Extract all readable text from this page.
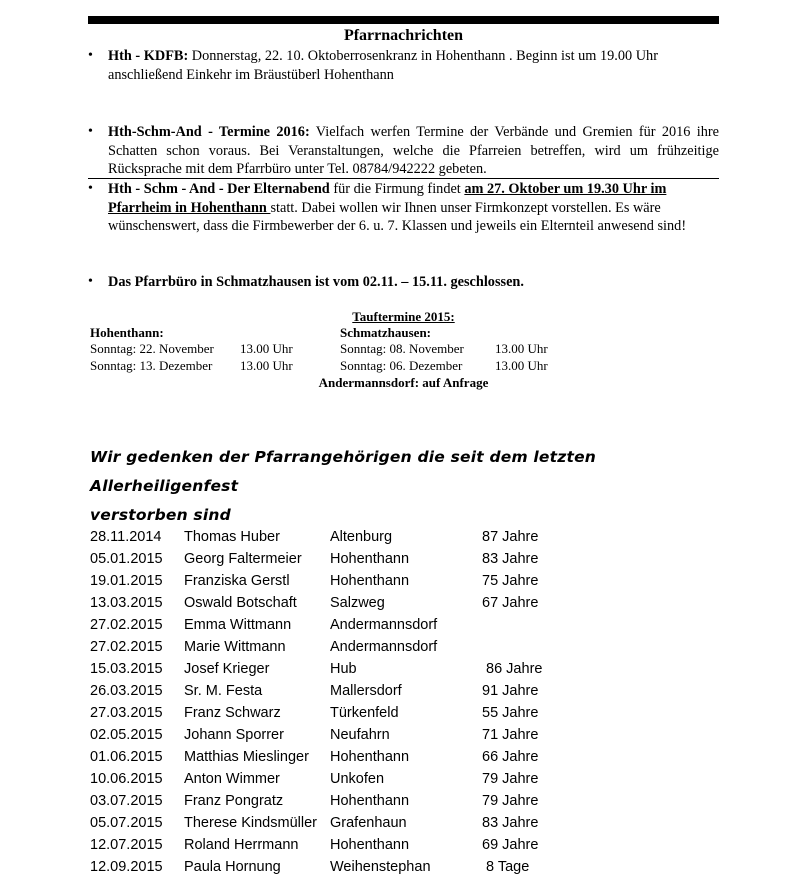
Pfarrnachrichten
•	Hth - KDFB: Donnerstag, 22. 10. Oktoberrosenkranz in Hohenthann . Beginn ist um 19.00 Uhr anschließend Einkehr im Bräustüberl Hohenthann
•	Hth-Schm-And - Termine 2016: Vielfach werfen Termine der Verbände und Gremien für 2016 ihre Schatten schon voraus. Bei Veranstaltungen, welche die Pfarreien betreffen, wird um frühzeitige Rücksprache mit dem Pfarrbüro unter Tel. 08784/942222 gebeten.
•	Hth - Schm - And - Der Elternabend für die Firmung findet am 27. Oktober um 19.30 Uhr im Pfarrheim in Hohenthann statt. Dabei wollen wir Ihnen unser Firmkonzept vorstellen. Es wäre wünschenswert, dass die Firmbewerber der 6. u. 7. Klassen und jeweils ein Elternteil anwesend sind!
•	Das Pfarrbüro in Schmatzhausen ist vom 02.11. – 15.11. geschlossen.
Tauftermine 2015:
Hohenthann:
Sonntag: 22. November 13.00 Uhr
Sonntag: 13. Dezember 13.00 Uhr
Schmatzhausen:
Sonntag: 08. November 13.00 Uhr
Sonntag: 06. Dezember	13.00 Uhr
Andermannsdorf: auf Anfrage
Wir gedenken der Pfarrangehörigen die seit dem letzten Allerheiligenfest
verstorben sind
28.11.2014	Thomas Huber	Altenburg	87 Jahre
05.01.2015	Georg Faltermeier	Hohenthann	83 Jahre
19.01.2015	Franziska Gerstl	Hohenthann	75 Jahre
13.03.2015	Oswald Botschaft	Salzweg	67 Jahre
27.02.2015	Emma Wittmann	Andermannsdorf	
27.02.2015	Marie Wittmann	Andermannsdorf	
15.03.2015	Josef Krieger	Hub	86 Jahre
26.03.2015	Sr. M. Festa	Mallersdorf	91 Jahre
27.03.2015	Franz Schwarz	Türkenfeld	55 Jahre
02.05.2015	Johann Sporrer	Neufahrn	71 Jahre
01.06.2015	Matthias Mieslinger	Hohenthann	66 Jahre
10.06.2015	Anton Wimmer	Unkofen	79 Jahre
03.07.2015	Franz Pongratz	Hohenthann	79 Jahre
05.07.2015	Therese Kindsmüller	Grafenhaun	83 Jahre
12.07.2015	Roland Herrmann	Hohenthann	69 Jahre
12.09.2015	Paula Hornung	Weihenstephan	8 Tage
